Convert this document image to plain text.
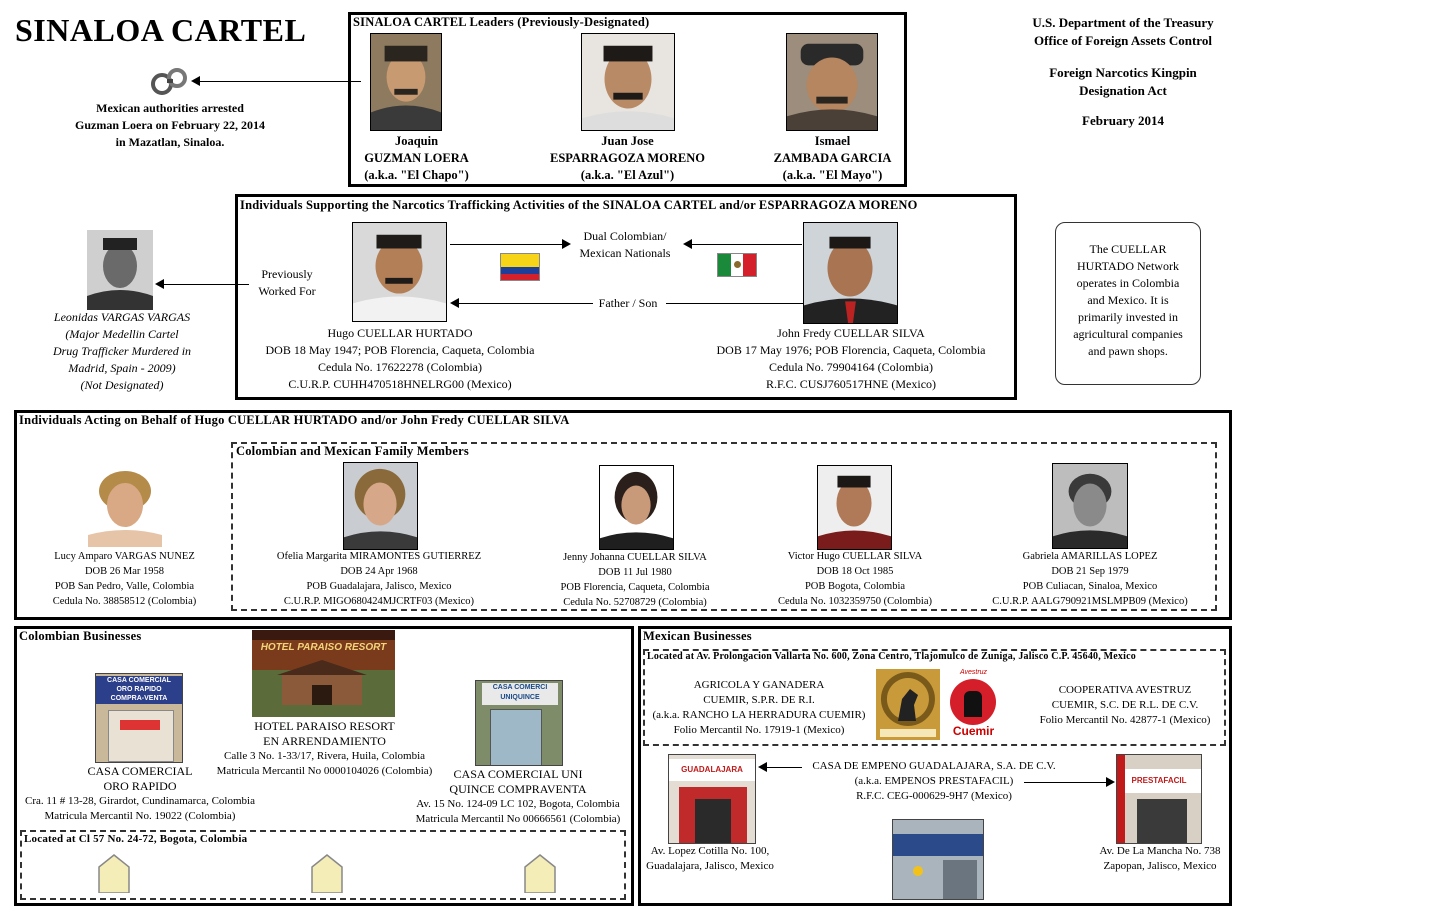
SINALOA CARTEL	U.S. Department of the Treasury
Office of Foreign Assets Control
Foreign Narcotics Kingpin
Designation Act
February 2014
Mexican authorities arrested
Guzman Loera on February 22, 2014
in Mazatlan, Sinaloa.
SINALOA CARTEL Leaders (Previously-Designated)
Joaquin
GUZMAN LOERA
(a.k.a. "El Chapo")
Juan Jose
ESPARRAGOZA MORENO
(a.k.a. "El Azul")
Ismael
ZAMBADA GARCIA
(a.k.a. "El Mayo")
Individuals Supporting the Narcotics Trafficking Activities of the SINALOA CARTEL and/or ESPARRAGOZA MORENO
Dual Colombian/
Mexican Nationals
Father / Son
Previously
Worked For
Hugo CUELLAR HURTADO
DOB 18 May 1947; POB Florencia, Caqueta, Colombia
Cedula No. 17622278 (Colombia)
C.U.R.P. CUHH470518HNELRG00 (Mexico)
John Fredy CUELLAR SILVA
DOB 17 May 1976; POB Florencia, Caqueta, Colombia
Cedula No. 79904164 (Colombia)
R.F.C. CUSJ760517HNE (Mexico)
Leonidas VARGAS VARGAS
(Major Medellin Cartel
Drug Trafficker Murdered in
Madrid, Spain - 2009)
(Not Designated)
The CUELLAR
HURTADO Network
operates in Colombia
and Mexico. It is
primarily invested in
agricultural companies
and pawn shops.
Individuals Acting on Behalf of Hugo CUELLAR HURTADO and/or John Fredy CUELLAR SILVA
Colombian and Mexican Family Members
Lucy Amparo VARGAS NUNEZ
DOB 26 Mar 1958
POB San Pedro, Valle, Colombia
Cedula No. 38858512 (Colombia)
Ofelia Margarita MIRAMONTES GUTIERREZ
DOB 24 Apr 1968
POB Guadalajara, Jalisco, Mexico
C.U.R.P. MIGO680424MJCRTF03 (Mexico)
Jenny Johanna CUELLAR SILVA
DOB 11 Jul 1980
POB Florencia, Caqueta, Colombia
Cedula No. 52708729 (Colombia)
Victor Hugo CUELLAR SILVA
DOB 18 Oct 1985
POB Bogota, Colombia
Cedula No. 1032359750 (Colombia)
Gabriela AMARILLAS LOPEZ
DOB 21 Sep 1979
POB Culiacan, Sinaloa, Mexico
C.U.R.P. AALG790921MSLMPB09 (Mexico)
Colombian Businesses
CASA COMERCIAL
ORO RAPIDO
COMPRA-VENTA
HOTEL PARAISO RESORT
CASA COMERCI
UNIQUINCE
HOTEL PARAISO RESORT
EN ARRENDAMIENTO
Calle 3 No. 1-33/17, Rivera, Huila, Colombia
Matricula Mercantil No 0000104026 (Colombia)
CASA COMERCIAL
ORO RAPIDO
Cra. 11 # 13-28, Girardot, Cundinamarca, Colombia
Matricula Mercantil No. 19022 (Colombia)
CASA COMERCIAL UNI
QUINCE COMPRAVENTA
Av. 15 No. 124-09 LC 102, Bogota, Colombia
Matricula Mercantil No 00666561 (Colombia)
Located at Cl 57 No. 24-72, Bogota, Colombia
Mexican Businesses
Located at Av. Prolongacion Vallarta No. 600, Zona Centro, Tlajomulco de Zuniga, Jalisco C.P. 45640, Mexico
AGRICOLA Y GANADERA
CUEMIR, S.P.R. DE R.I.
(a.k.a. RANCHO LA HERRADURA CUEMIR)
Folio Mercantil No. 17919-1 (Mexico)
Avestruz
Cuemir
COOPERATIVA AVESTRUZ
CUEMIR, S.C. DE R.L. DE C.V.
Folio Mercantil No. 42877-1 (Mexico)
GUADALAJARA	CASA DE EMPENO GUADALAJARA, S.A. DE C.V.
(a.k.a. EMPENOS PRESTAFACIL)
R.F.C. CEG-000629-9H7 (Mexico)
PRESTAFACIL
Av. Lopez Cotilla No. 100,
Guadalajara, Jalisco, Mexico
Av. De La Mancha No. 738
Zapopan, Jalisco, Mexico
